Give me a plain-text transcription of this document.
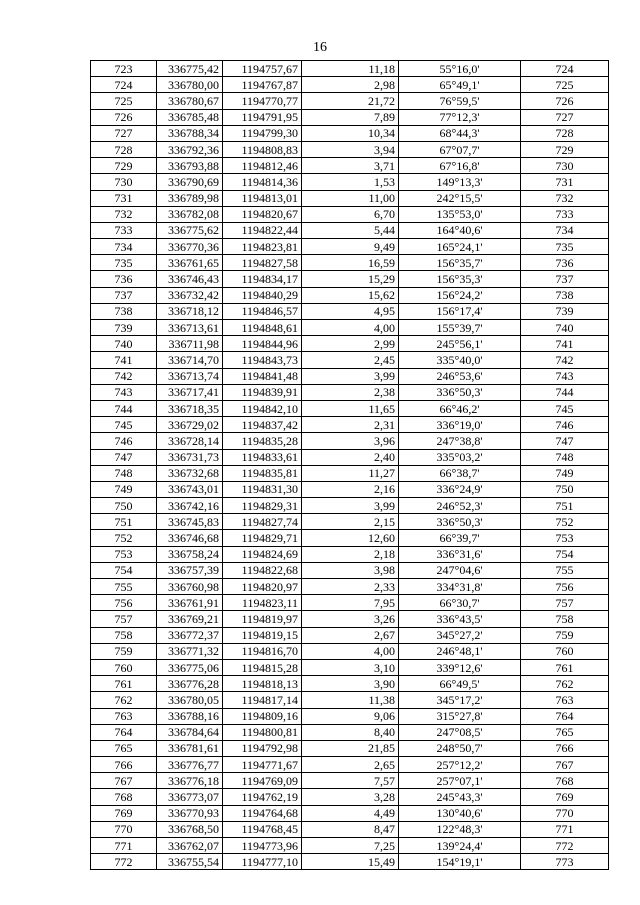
16
723	336775,42	1194757,67	11,18	55°16,0'	724
724	336780,00	1194767,87	2,98	65°49,1'	725
725	336780,67	1194770,77	21,72	76°59,5'	726
726	336785,48	1194791,95	7,89	77°12,3'	727
727	336788,34	1194799,30	10,34	68°44,3'	728
728	336792,36	1194808,83	3,94	67°07,7'	729
729	336793,88	1194812,46	3,71	67°16,8'	730
730	336790,69	1194814,36	1,53	149°13,3'	731
731	336789,98	1194813,01	11,00	242°15,5'	732
732	336782,08	1194820,67	6,70	135°53,0'	733
733	336775,62	1194822,44	5,44	164°40,6'	734
734	336770,36	1194823,81	9,49	165°24,1'	735
735	336761,65	1194827,58	16,59	156°35,7'	736
736	336746,43	1194834,17	15,29	156°35,3'	737
737	336732,42	1194840,29	15,62	156°24,2'	738
738	336718,12	1194846,57	4,95	156°17,4'	739
739	336713,61	1194848,61	4,00	155°39,7'	740
740	336711,98	1194844,96	2,99	245°56,1'	741
741	336714,70	1194843,73	2,45	335°40,0'	742
742	336713,74	1194841,48	3,99	246°53,6'	743
743	336717,41	1194839,91	2,38	336°50,3'	744
744	336718,35	1194842,10	11,65	66°46,2'	745
745	336729,02	1194837,42	2,31	336°19,0'	746
746	336728,14	1194835,28	3,96	247°38,8'	747
747	336731,73	1194833,61	2,40	335°03,2'	748
748	336732,68	1194835,81	11,27	66°38,7'	749
749	336743,01	1194831,30	2,16	336°24,9'	750
750	336742,16	1194829,31	3,99	246°52,3'	751
751	336745,83	1194827,74	2,15	336°50,3'	752
752	336746,68	1194829,71	12,60	66°39,7'	753
753	336758,24	1194824,69	2,18	336°31,6'	754
754	336757,39	1194822,68	3,98	247°04,6'	755
755	336760,98	1194820,97	2,33	334°31,8'	756
756	336761,91	1194823,11	7,95	66°30,7'	757
757	336769,21	1194819,97	3,26	336°43,5'	758
758	336772,37	1194819,15	2,67	345°27,2'	759
759	336771,32	1194816,70	4,00	246°48,1'	760
760	336775,06	1194815,28	3,10	339°12,6'	761
761	336776,28	1194818,13	3,90	66°49,5'	762
762	336780,05	1194817,14	11,38	345°17,2'	763
763	336788,16	1194809,16	9,06	315°27,8'	764
764	336784,64	1194800,81	8,40	247°08,5'	765
765	336781,61	1194792,98	21,85	248°50,7'	766
766	336776,77	1194771,67	2,65	257°12,2'	767
767	336776,18	1194769,09	7,57	257°07,1'	768
768	336773,07	1194762,19	3,28	245°43,3'	769
769	336770,93	1194764,68	4,49	130°40,6'	770
770	336768,50	1194768,45	8,47	122°48,3'	771
771	336762,07	1194773,96	7,25	139°24,4'	772
772	336755,54	1194777,10	15,49	154°19,1'	773
